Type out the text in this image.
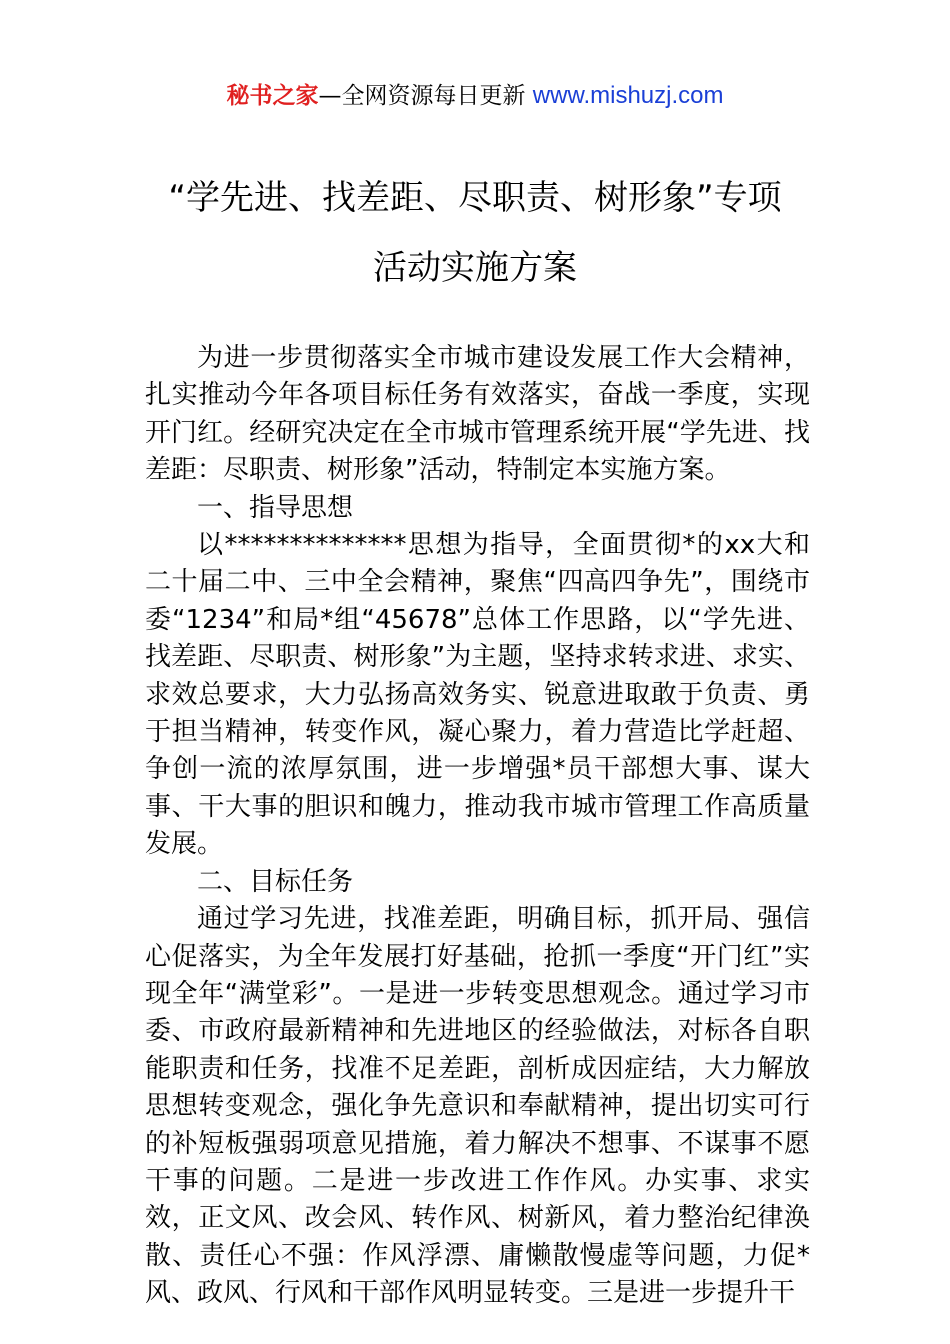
秘书之家—全网资源每日更新 www.mishuzj.com
“学先进、找差距、尽职责、树形象”专项
活动实施方案

为进一步贯彻落实全市城市建设发展工作大会精神，扎实推动今年各项目标任务有效落实，奋战一季度，实现开门红。经研究决定在全市城市管理系统开展“学先进、找差距：尽职责、树形象”活动，特制定本实施方案。

一、指导思想

以**************思想为指导，全面贯彻*的xx大和二十届二中、三中全会精神，聚焦“四高四争先”，围绕市委“1234”和局*组“45678”总体工作思路，以“学先进、找差距、尽职责、树形象”为主题，坚持求转求进、求实、求效总要求，大力弘扬高效务实、锐意进取敢于负责、勇于担当精神，转变作风，凝心聚力，着力营造比学赶超、争创一流的浓厚氛围，进一步增强*员干部想大事、谋大事、干大事的胆识和魄力，推动我市城市管理工作高质量发展。

二、目标任务

通过学习先进，找准差距，明确目标，抓开局、强信心促落实，为全年发展打好基础，抢抓一季度“开门红”实现全年“满堂彩”。一是进一步转变思想观念。通过学习市委、市政府最新精神和先进地区的经验做法，对标各自职能职责和任务，找准不足差距，剖析成因症结，大力解放思想转变观念，强化争先意识和奉献精神，提出切实可行的补短板强弱项意见措施，着力解决不想事、不谋事不愿干事的问题。二是进一步改进工作作风。办实事、求实效，正文风、改会风、转作风、树新风，着力整治纪律涣散、责任心不强：作风浮漂、庸懒散慢虚等问题，力促*风、政风、行风和干部作风明显转变。三是进一步提升干
